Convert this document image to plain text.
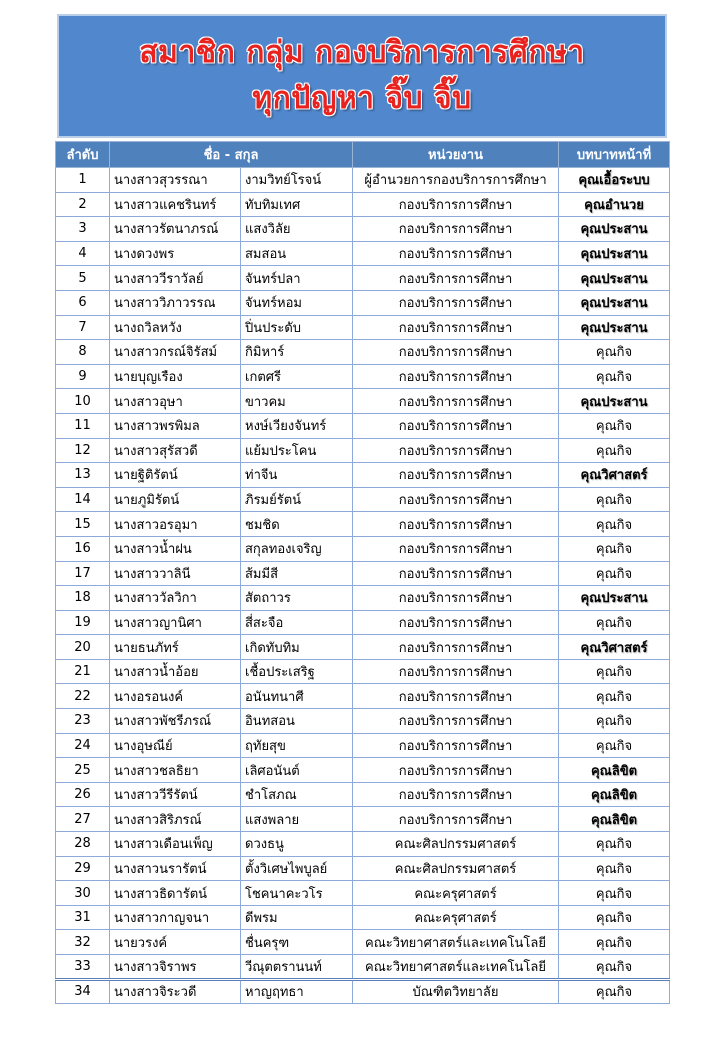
สมาชิก กลุ่ม กองบริการการศึกษา
ทุกปัญหา จิ๊บ จิ๊บ
ลำดับ	ชื่อ - สกุล		หน่วยงาน	บทบาทหน้าที่
1	นางสาวสุวรรณา	งามวิทย์โรจน์	ผู้อำนวยการกองบริการการศึกษา	คุณเอื้อระบบ
2	นางสาวแคชรินทร์	ทับทิมเทศ	กองบริการการศึกษา	คุณอำนวย
3	นางสาวรัตนาภรณ์	แสงวิลัย	กองบริการการศึกษา	คุณประสาน
4	นางดวงพร	สมสอน	กองบริการการศึกษา	คุณประสาน
5	นางสาววีราวัลย์	จันทร์ปลา	กองบริการการศึกษา	คุณประสาน
6	นางสาววิภาวรรณ	จันทร์หอม	กองบริการการศึกษา	คุณประสาน
7	นางถวิลหวัง	ปิ่นประดับ	กองบริการการศึกษา	คุณประสาน
8	นางสาวกรณ์จิรัสม์	กิมิหาร์	กองบริการการศึกษา	คุณกิจ
9	นายบุญเรือง	เกตศรี	กองบริการการศึกษา	คุณกิจ
10	นางสาวอุษา	ขาวคม	กองบริการการศึกษา	คุณประสาน
11	นางสาวพรพิมล	หงษ์เวียงจันทร์	กองบริการการศึกษา	คุณกิจ
12	นางสาวสุรัสวดี	แย้มประโคน	กองบริการการศึกษา	คุณกิจ
13	นายฐิติรัตน์	ท่าจีน	กองบริการการศึกษา	คุณวิศาสตร์
14	นายภูมิรัตน์	ภิรมย์รัตน์	กองบริการการศึกษา	คุณกิจ
15	นางสาวอรอุมา	ชมชิด	กองบริการการศึกษา	คุณกิจ
16	นางสาวน้ำฝน	สกุลทองเจริญ	กองบริการการศึกษา	คุณกิจ
17	นางสาววาลินี	ส้มมีสี	กองบริการการศึกษา	คุณกิจ
18	นางสาววัลวิกา	สัตถาวร	กองบริการการศึกษา	คุณประสาน
19	นางสาวญานิศา	สี่สะจือ	กองบริการการศึกษา	คุณกิจ
20	นายธนภัทร์	เกิดทับทิม	กองบริการการศึกษา	คุณวิศาสตร์
21	นางสาวน้ำอ้อย	เชื้อประเสริฐ	กองบริการการศึกษา	คุณกิจ
22	นางอรอนงค์	อนันทนาศี	กองบริการการศึกษา	คุณกิจ
23	นางสาวพัชรีภรณ์	อินทสอน	กองบริการการศึกษา	คุณกิจ
24	นางอุษณีย์	ฤทัยสุข	กองบริการการศึกษา	คุณกิจ
25	นางสาวชลธิยา	เลิศอนันต์	กองบริการการศึกษา	คุณลิขิต
26	นางสาววีรีรัตน์	ชำโสภณ	กองบริการการศึกษา	คุณลิขิต
27	นางสาวสิริภรณ์	แสงพลาย	กองบริการการศึกษา	คุณลิขิต
28	นางสาวเดือนเพ็ญ	ดวงธนู	คณะศิลปกรรมศาสตร์	คุณกิจ
29	นางสาวนรารัตน์	ตั้งวิเศษไพบูลย์	คณะศิลปกรรมศาสตร์	คุณกิจ
30	นางสาวธิดารัตน์	โชคนาคะวโร	คณะครุศาสตร์	คุณกิจ
31	นางสาวกาญจนา	ดีพรม	คณะครุศาสตร์	คุณกิจ
32	นายวรงค์	ชื่นครุฑ	คณะวิทยาศาสตร์และเทคโนโลยี	คุณกิจ
33	นางสาวจิราพร	วีณุตตรานนท์	คณะวิทยาศาสตร์และเทคโนโลยี	คุณกิจ
34	นางสาวจิระวดี	หาญฤทธา	บัณฑิตวิทยาลัย	คุณกิจ
